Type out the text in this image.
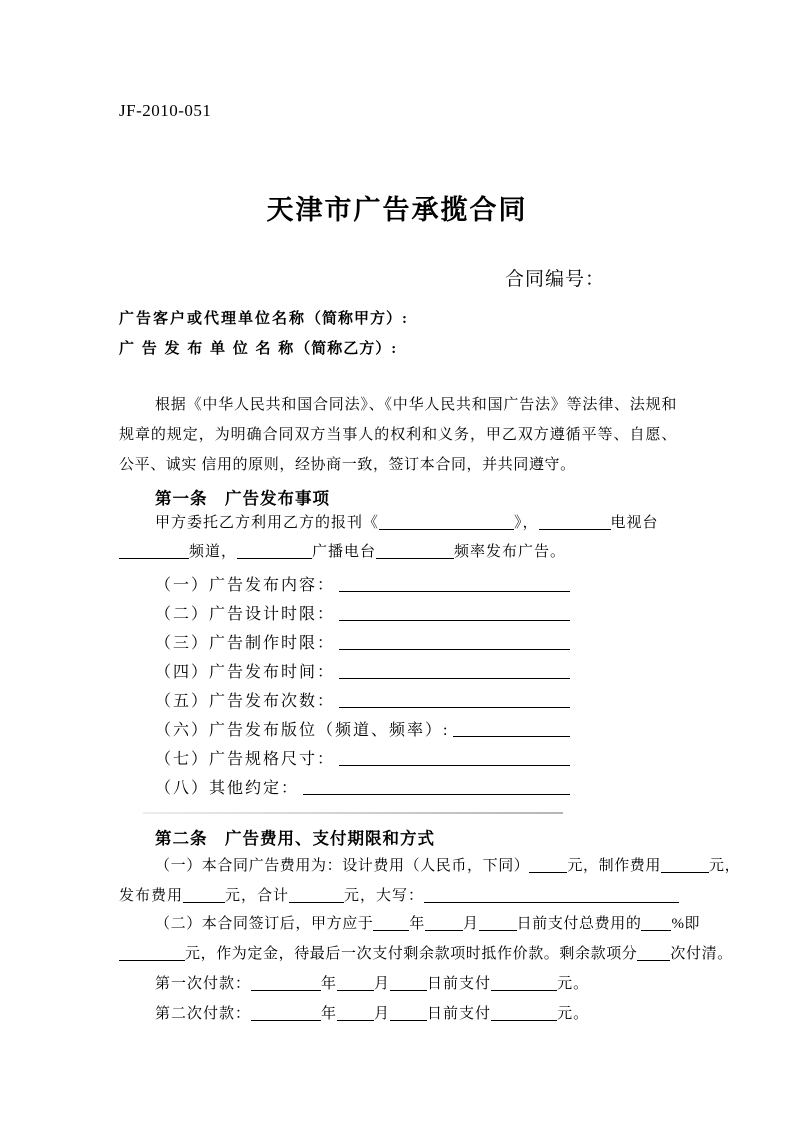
JF-2010-051
天津市广告承揽合同
合同编号：
广告客户或代理单位名称（简称甲方）:
广 告 发 布 单 位 名 称（简称乙方）:
根据《中华人民共和国合同法》、《中华人民共和国广告法》等法律、法规和规章的规定，为明确合同双方当事人的权利和义务，甲乙双方遵循平等、自愿、公平、诚实 信用的原则，经协商一致，签订本合同，并共同遵守。
第一条　广告发布事项
甲方委托乙方利用乙方的报刊《	》，	电视台
频道，	广播电台	频率发布广告。
（一）广告发布内容：
（二）广告设计时限：
（三）广告制作时限：
（四）广告发布时间：
（五）广告发布次数：
（六）广告发布版位（频道、频率）:
（七）广告规格尺寸：
（八）其他约定：
第二条　广告费用、支付期限和方式
（一）本合同广告费用为：设计费用（人民币，下同）	元，制作费用	元，
发布费用	元，合计	元，大写：
（二）本合同签订后，甲方应于 年	月	日前支付总费用的 %即
元，作为定金，待最后一次支付剩余款项时抵作价款。剩余款项分 次付清。
第一次付款：	年 月 日前支付	元。
第二次付款：	年 月 日前支付	元。
